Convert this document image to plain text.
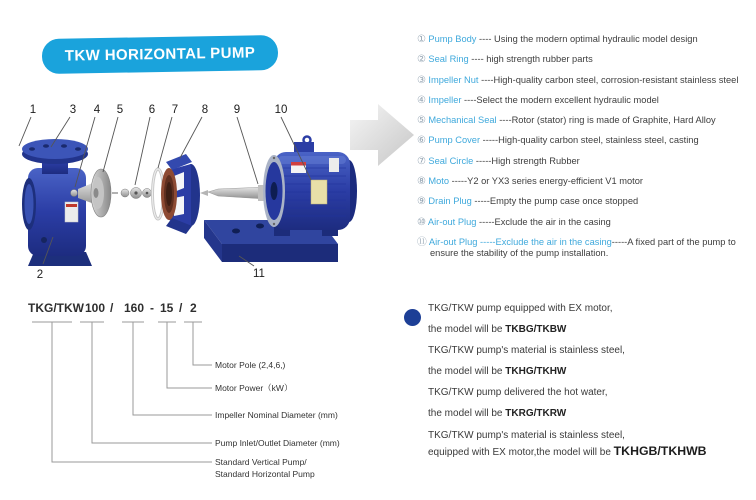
TKW HORIZONTAL PUMP
1
2
3 4 5 6 7 8 9	10
11
① Pump Body ---- Using the modern optimal hydraulic model design
② Seal Ring ---- high strength rubber parts
③ Impeller Nut ----High-quality carbon steel, corrosion-resistant stainless steel
④ Impeller ----Select the modern excellent hydraulic model
⑤ Mechanical Seal ----Rotor (stator) ring is made of Graphite, Hard Alloy
⑥ Pump Cover -----High-quality carbon steel, stainless steel, casting
⑦ Seal Circle -----High strength Rubber
⑧ Moto -----Y2 or YX3 series energy-efficient V1 motor
⑨ Drain Plug -----Empty the pump case once stopped
⑩ Air-out Plug -----Exclude the air in the casing
⑪ Air-out Plug -----Exclude the air in the casing-----A fixed part of the pump to ensure the stability of the pump installation.
TKG/TKW 100 / 160 - 15 / 2
Motor Pole (2,4,6,)
Motor Power（kW）
Impeller Nominal Diameter (mm)
Pump Inlet/Outlet Diameter (mm)
Standard Vertical Pump/
Standard Horizontal Pump

TKG/TKW pump equipped with EX motor,

the model will be TKBG/TKBW

TKG/TKW pump's material is stainless steel,

the model will be TKHG/TKHW

TKG/TKW pump delivered the hot water,

the model will be TKRG/TKRW

TKG/TKW pump's material is stainless steel,

equipped with EX motor,the model will be TKHGB/TKHWB
